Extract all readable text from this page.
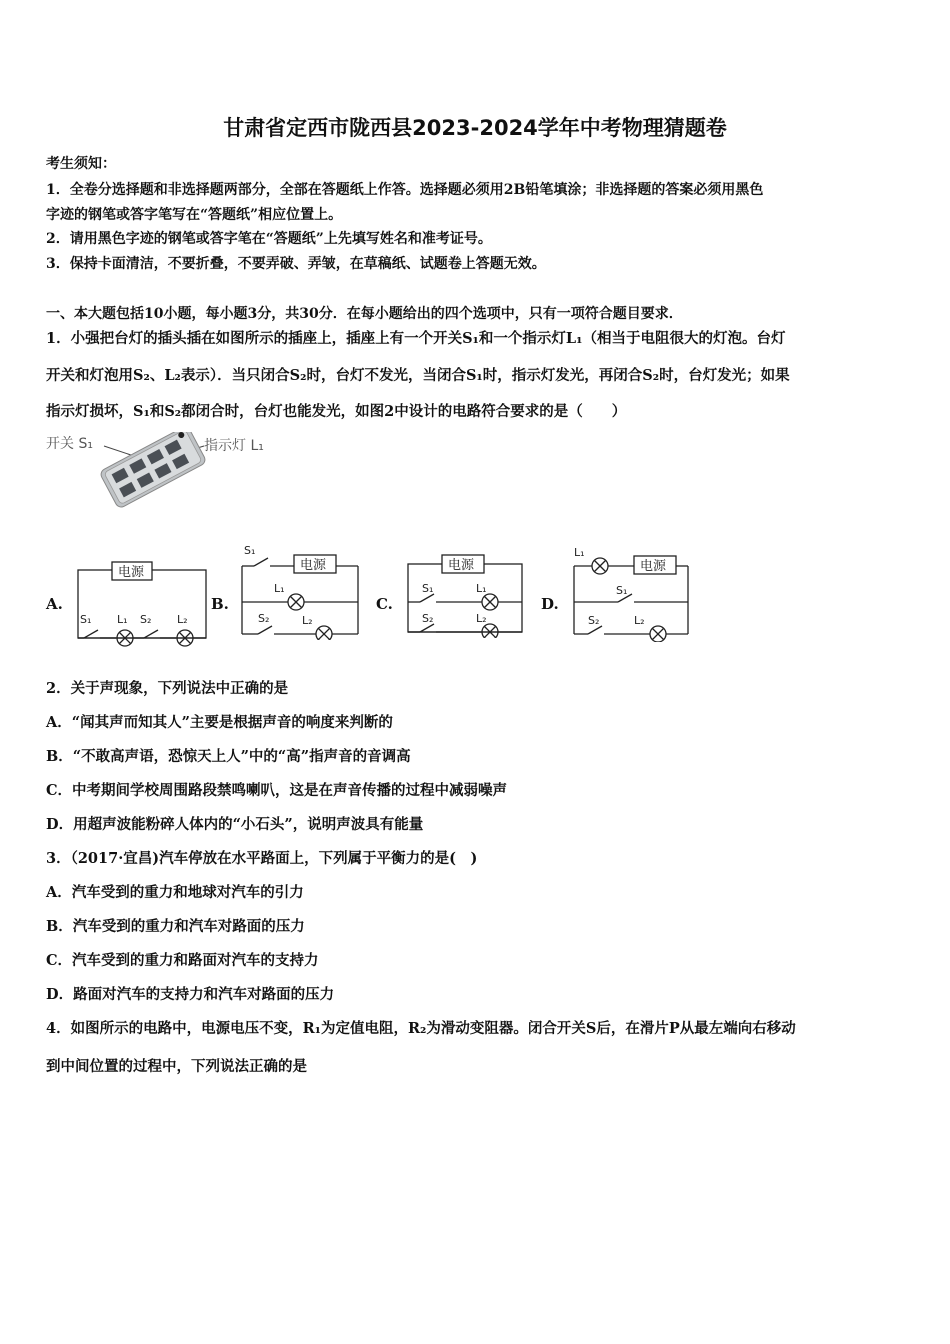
甘肃省定西市陇西县2023-2024学年中考物理猜题卷
考生须知：
1．全卷分选择题和非选择题两部分，全部在答题纸上作答。选择题必须用2B铅笔填涂；非选择题的答案必须用黑色
字迹的钢笔或答字笔写在“答题纸”相应位置上。
2．请用黑色字迹的钢笔或答字笔在“答题纸”上先填写姓名和准考证号。
3．保持卡面清洁，不要折叠，不要弄破、弄皱，在草稿纸、试题卷上答题无效。
一、本大题包括10小题，每小题3分，共30分．在每小题给出的四个选项中，只有一项符合题目要求．
1．小强把台灯的插头插在如图所示的插座上，插座上有一个开关S₁和一个指示灯L₁（相当于电阻很大的灯泡。台灯
开关和灯泡用S₂、L₂表示）．当只闭合S₂时，台灯不发光，当闭合S₁时，指示灯发光，再闭合S₂时，台灯发光；如果
指示灯损坏，S₁和S₂都闭合时，台灯也能发光，如图2中设计的电路符合要求的是（　　）
开关 S₁	指示灯 L₁
A.
电源
S₁ L₁ S₂ L₂
B.
S₁
电源
L₁
S₂	L₂
C.
电源
S₁	L₁
S₂	L₂
D.
L₁
电源
S₁
S₂	L₂
2．关于声现象，下列说法中正确的是
A．“闻其声而知其人”主要是根据声音的响度来判断的
B．“不敢高声语，恐惊天上人”中的“高”指声音的音调高
C．中考期间学校周围路段禁鸣喇叭，这是在声音传播的过程中减弱噪声
D．用超声波能粉碎人体内的“小石头”，说明声波具有能量
3．（2017·宜昌)汽车停放在水平路面上，下列属于平衡力的是(　)
A．汽车受到的重力和地球对汽车的引力
B．汽车受到的重力和汽车对路面的压力
C．汽车受到的重力和路面对汽车的支持力
D．路面对汽车的支持力和汽车对路面的压力
4．如图所示的电路中，电源电压不变，R₁为定值电阻，R₂为滑动变阻器。闭合开关S后，在滑片P从最左端向右移动
到中间位置的过程中，下列说法正确的是
